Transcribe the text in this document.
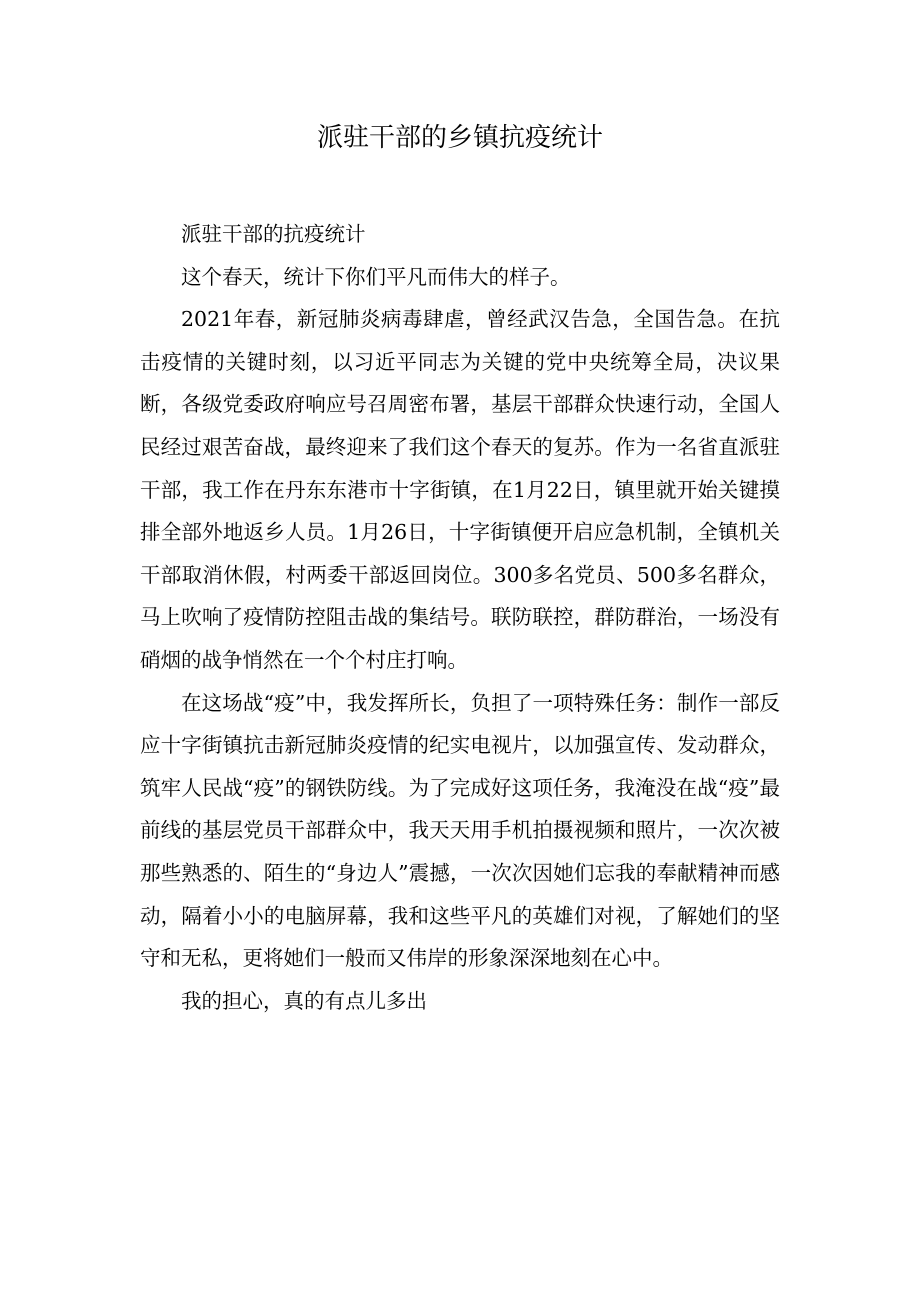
派驻干部的乡镇抗疫统计

派驻干部的抗疫统计

这个春天，统计下你们平凡而伟大的样子。

2021年春，新冠肺炎病毒肆虐，曾经武汉告急，全国告急。在抗击疫情的关键时刻，以习近平同志为关键的党中央统筹全局，决议果断，各级党委政府响应号召周密布署，基层干部群众快速行动，全国人民经过艰苦奋战，最终迎来了我们这个春天的复苏。作为一名省直派驻干部，我工作在丹东东港市十字街镇，在1月22日，镇里就开始关键摸排全部外地返乡人员。1月26日，十字街镇便开启应急机制，全镇机关干部取消休假，村两委干部返回岗位。300多名党员、500多名群众，马上吹响了疫情防控阻击战的集结号。联防联控，群防群治，一场没有硝烟的战争悄然在一个个村庄打响。

在这场战“疫”中，我发挥所长，负担了一项特殊任务：制作一部反应十字街镇抗击新冠肺炎疫情的纪实电视片，以加强宣传、发动群众，筑牢人民战“疫”的钢铁防线。为了完成好这项任务，我淹没在战“疫”最前线的基层党员干部群众中，我天天用手机拍摄视频和照片，一次次被那些熟悉的、陌生的“身边人”震撼，一次次因她们忘我的奉献精神而感动，隔着小小的电脑屏幕，我和这些平凡的英雄们对视，了解她们的坚守和无私，更将她们一般而又伟岸的形象深深地刻在心中。

我的担心，真的有点儿多出
